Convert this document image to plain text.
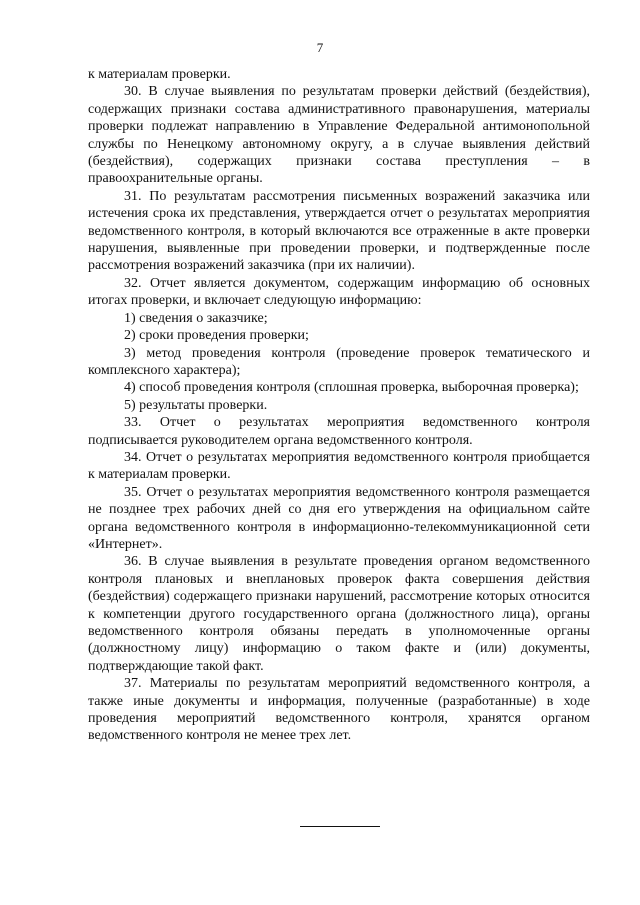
7

к материалам проверки.

30. В случае выявления по результатам проверки действий (бездействия), содержащих признаки состава административного правонарушения, материалы проверки подлежат направлению в Управление Федеральной антимонопольной службы по Ненецкому автономному округу, а в случае выявления действий (бездействия), содержащих признаки состава преступления – в правоохранительные органы.

31. По результатам рассмотрения письменных возражений заказчика или истечения срока их представления, утверждается отчет о результатах мероприятия ведомственного контроля, в который включаются все отраженные в акте проверки нарушения, выявленные при проведении проверки, и подтвержденные после рассмотрения возражений заказчика (при их наличии).

32. Отчет является документом, содержащим информацию об основных итогах проверки, и включает следующую информацию:

1) сведения о заказчике;

2) сроки проведения проверки;

3) метод проведения контроля (проведение проверок тематического и комплексного характера);

4) способ проведения контроля (сплошная проверка, выборочная проверка);

5) результаты проверки.

33. Отчет о результатах мероприятия ведомственного контроля подписывается руководителем органа ведомственного контроля.

34. Отчет о результатах мероприятия ведомственного контроля приобщается к материалам проверки.

35. Отчет о результатах мероприятия ведомственного контроля размещается не позднее трех рабочих дней со дня его утверждения на официальном сайте органа ведомственного контроля в информационно-телекоммуникационной сети «Интернет».

36. В случае выявления в результате проведения органом ведомственного контроля плановых и внеплановых проверок факта совершения действия (бездействия) содержащего признаки нарушений, рассмотрение которых относится к компетенции другого государственного органа (должностного лица), органы ведомственного контроля обязаны передать в уполномоченные органы (должностному лицу) информацию о таком факте и (или) документы, подтверждающие такой факт.

37. Материалы по результатам мероприятий ведомственного контроля, а также иные документы и информация, полученные (разработанные) в ходе проведения мероприятий ведомственного контроля, хранятся органом ведомственного контроля не менее трех лет.
